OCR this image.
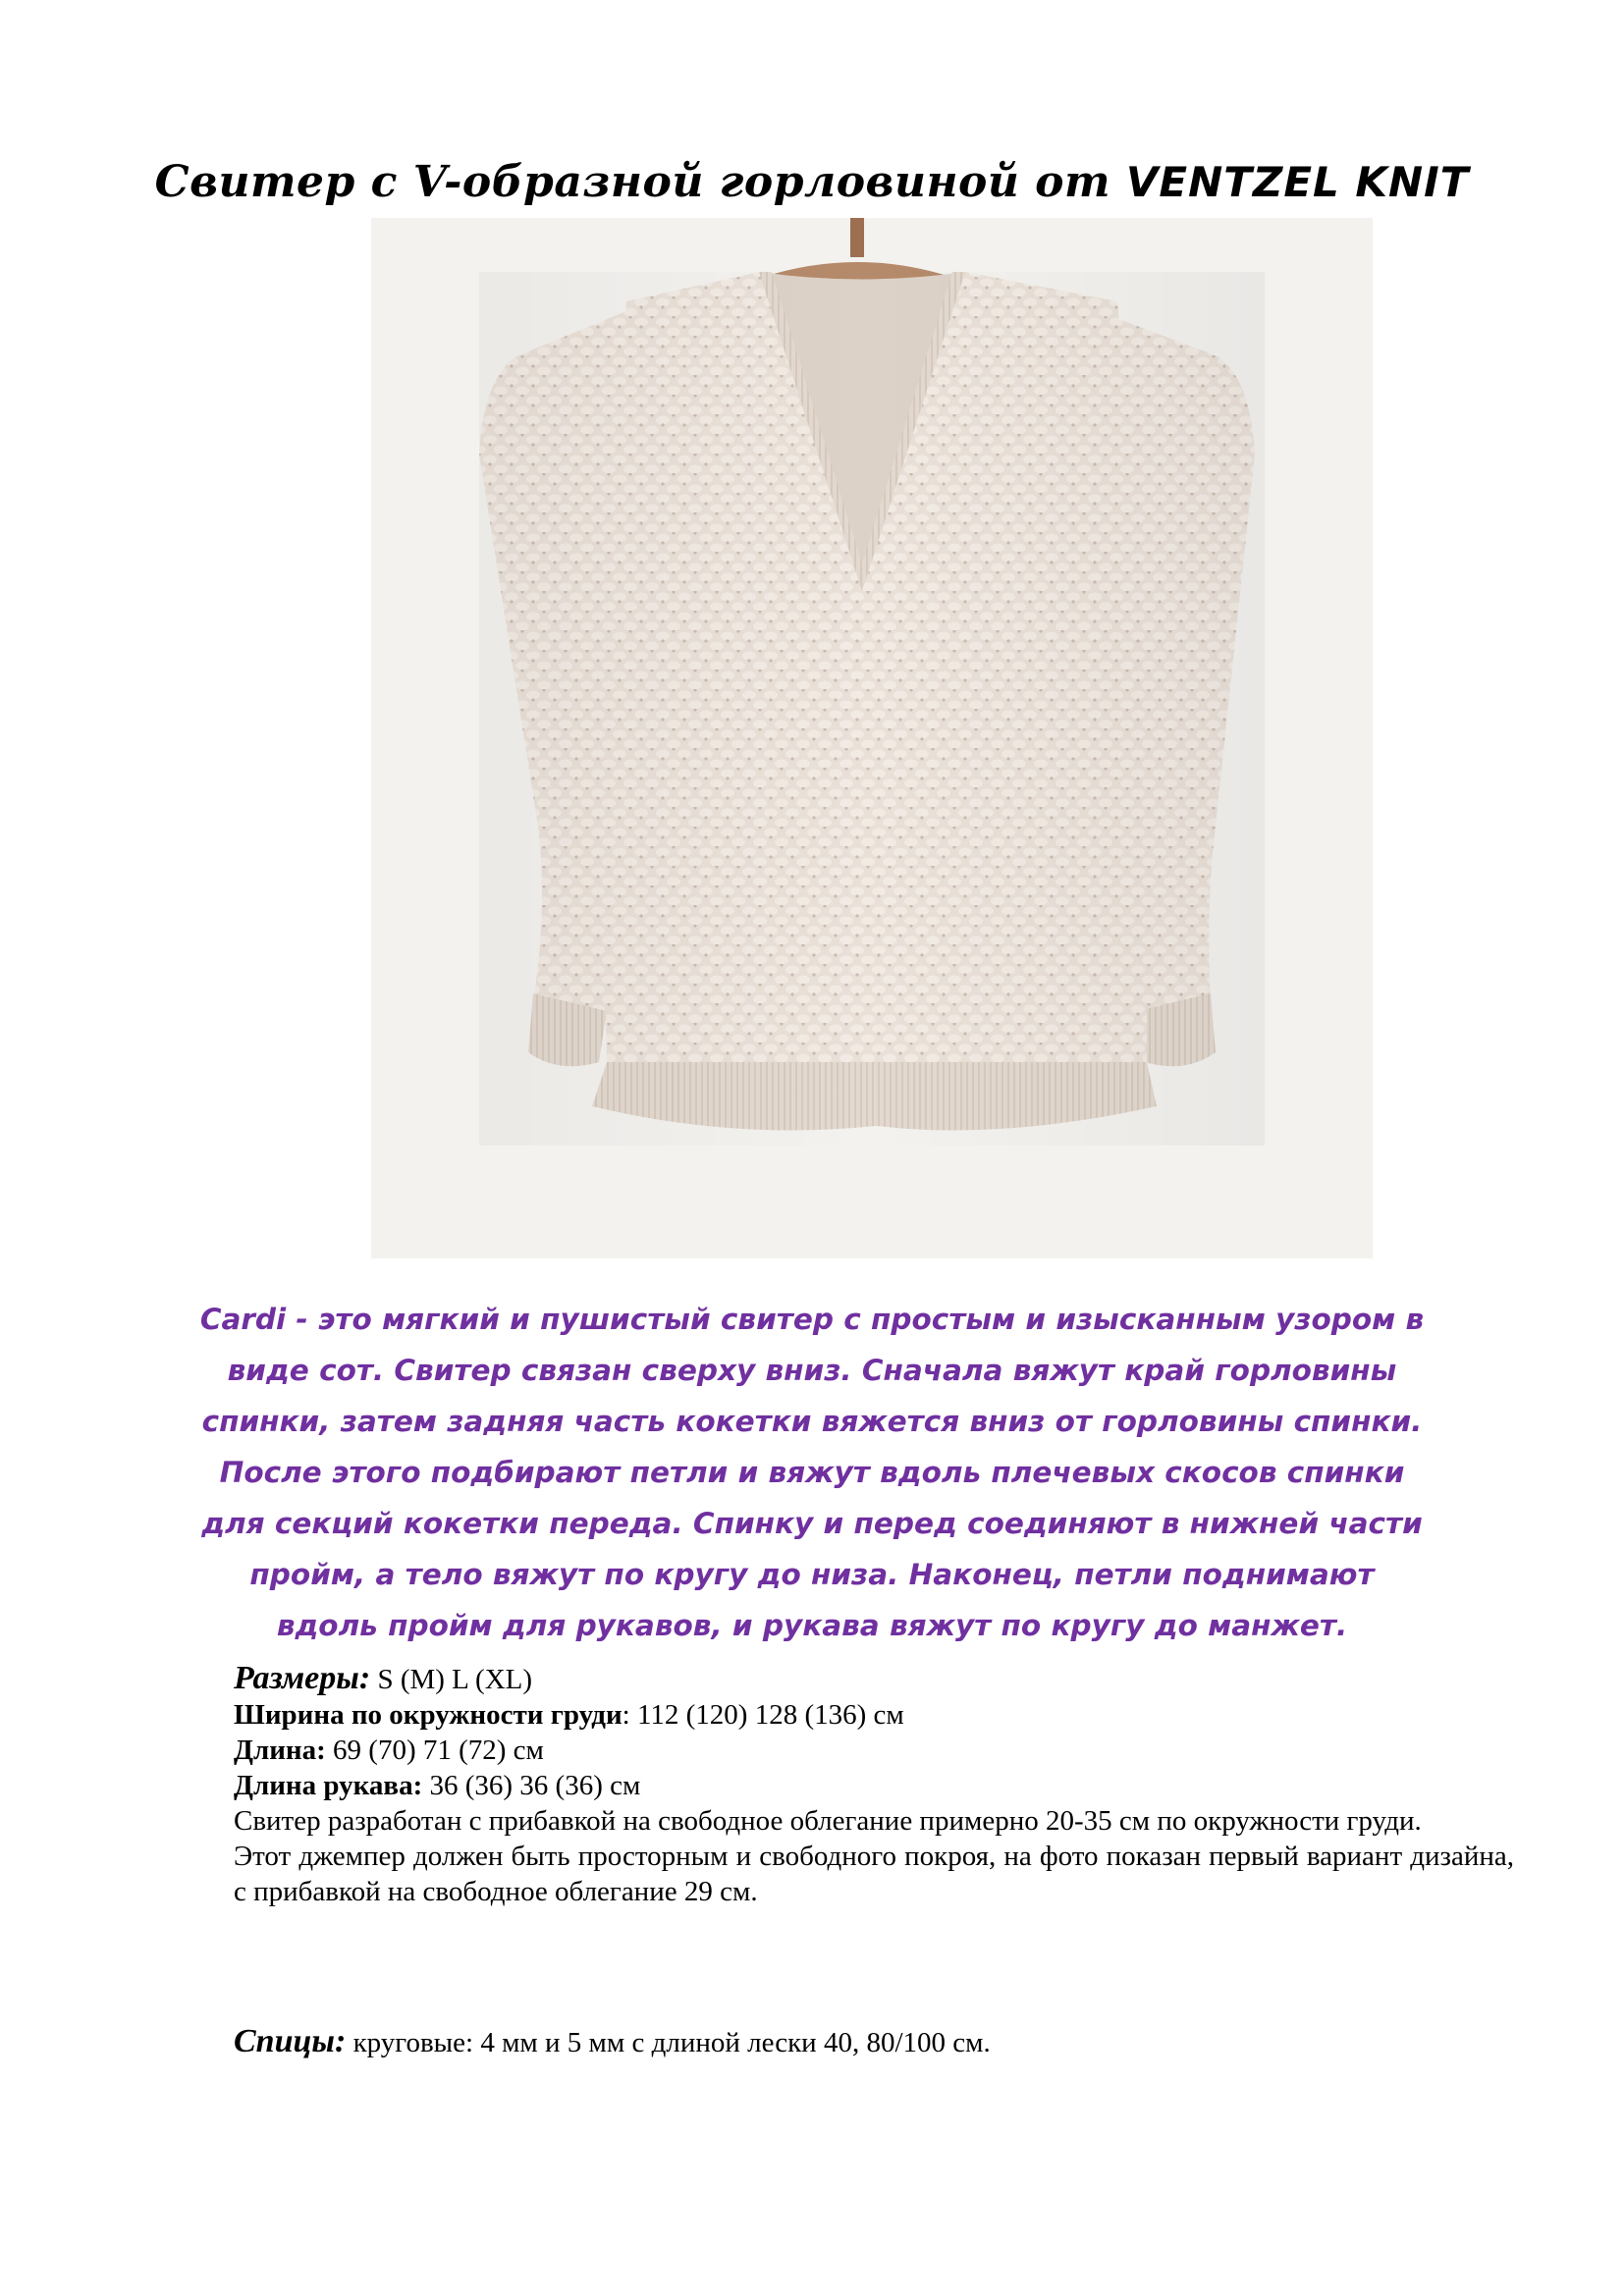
Свитер с V-образной горловиной от VENTZEL KNIT
Cardi - это мягкий и пушистый свитер с простым и изысканным узором в виде сот. Свитер связан сверху вниз. Сначала вяжут край горловины спинки, затем задняя часть кокетки вяжется вниз от горловины спинки. После этого подбирают петли и вяжут вдоль плечевых скосов спинки для секций кокетки переда. Спинку и перед соединяют в нижней части пройм, а тело вяжут по кругу до низа. Наконец, петли поднимают вдоль пройм для рукавов, и рукава вяжут по кругу до манжет.

Размеры: S (M) L (XL)

Ширина по окружности груди: 112 (120) 128 (136) см

Длина: 69 (70) 71 (72) см

Длина рукава: 36 (36) 36 (36) см

Свитер разработан с прибавкой на свободное облегание примерно 20-35 см по окружности груди.

Этот джемпер должен быть просторным и свободного покроя, на фото показан первый вариант дизайна, с прибавкой на свободное облегание 29 см.

Спицы: круговые: 4 мм и 5 мм с длиной лески 40, 80/100 см.
